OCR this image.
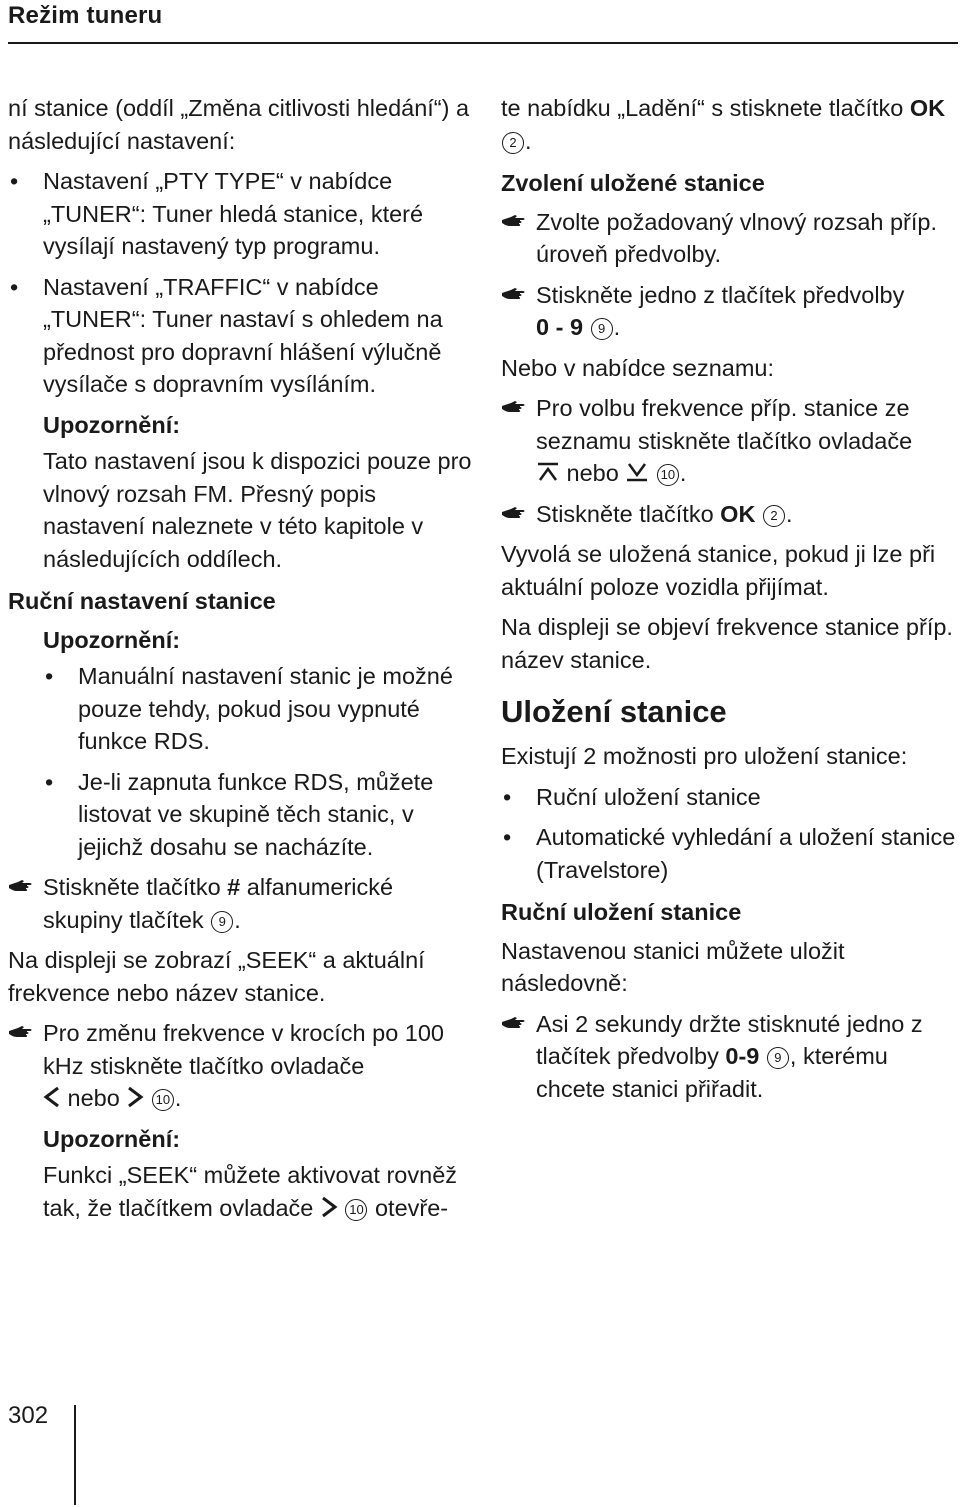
Režim tuneru

ní stanice (oddíl „Změna citlivosti hledání“) a následující nastavení:

• Nastavení „PTY TYPE“ v nabídce „TUNER“: Tuner hledá stanice, které vysílají nastavený typ programu.
• Nastavení „TRAFFIC“ v nabídce „TUNER“: Tuner nastaví s ohledem na přednost pro dopravní hlášení výlučně vysílače s dopravním vysíláním.
Upozornění:

Tato nastavení jsou k dispozici pouze pro vlnový rozsah FM. Přesný popis nastavení naleznete v této kapitole v následujících oddílech.

Ruční nastavení stanice
Upozornění:
• Manuální nastavení stanic je možné pouze tehdy, pokud jsou vypnuté funkce RDS.
• Je-li zapnuta funkce RDS, můžete listovat ve skupině těch stanic, v jejichž dosahu se nacházíte.
Stiskněte tlačítko # alfanumerické skupiny tlačítek 9 .

Na displeji se zobrazí „SEEK“ a aktuální frekvence nebo název stanice.

Pro změnu frekvence v krocích po 100 kHz stiskněte tlačítko ovladače
nebo	10 .
Upozornění:

Funkci „SEEK“ můžete aktivovat rovněž tak, že tlačítkem ovladače	10 otevře-

te nabídku „Ladění“ s stisknete tlačítko OK 2 .

Zvolení uložené stanice
Zvolte požadovaný vlnový rozsah příp. úroveň předvolby.
Stiskněte jedno z tlačítek předvolby
0 - 9 9 .

Nebo v nabídce seznamu:

Pro volbu frekvence příp. stanice ze seznamu stiskněte tlačítko ovladače
nebo	10 .
Stiskněte tlačítko OK 2 .

Vyvolá se uložená stanice, pokud ji lze při aktuální poloze vozidla přijímat.

Na displeji se objeví frekvence stanice příp. název stanice.

Uložení stanice

Existují 2 možnosti pro uložení stanice:

• Ruční uložení stanice
• Automatické vyhledání a uložení stanice (Travelstore)
Ruční uložení stanice

Nastavenou stanici můžete uložit následovně:

Asi 2 sekundy držte stisknuté jedno z tlačítek předvolby 0-9 9 , kterému chcete stanici přiřadit.
302
